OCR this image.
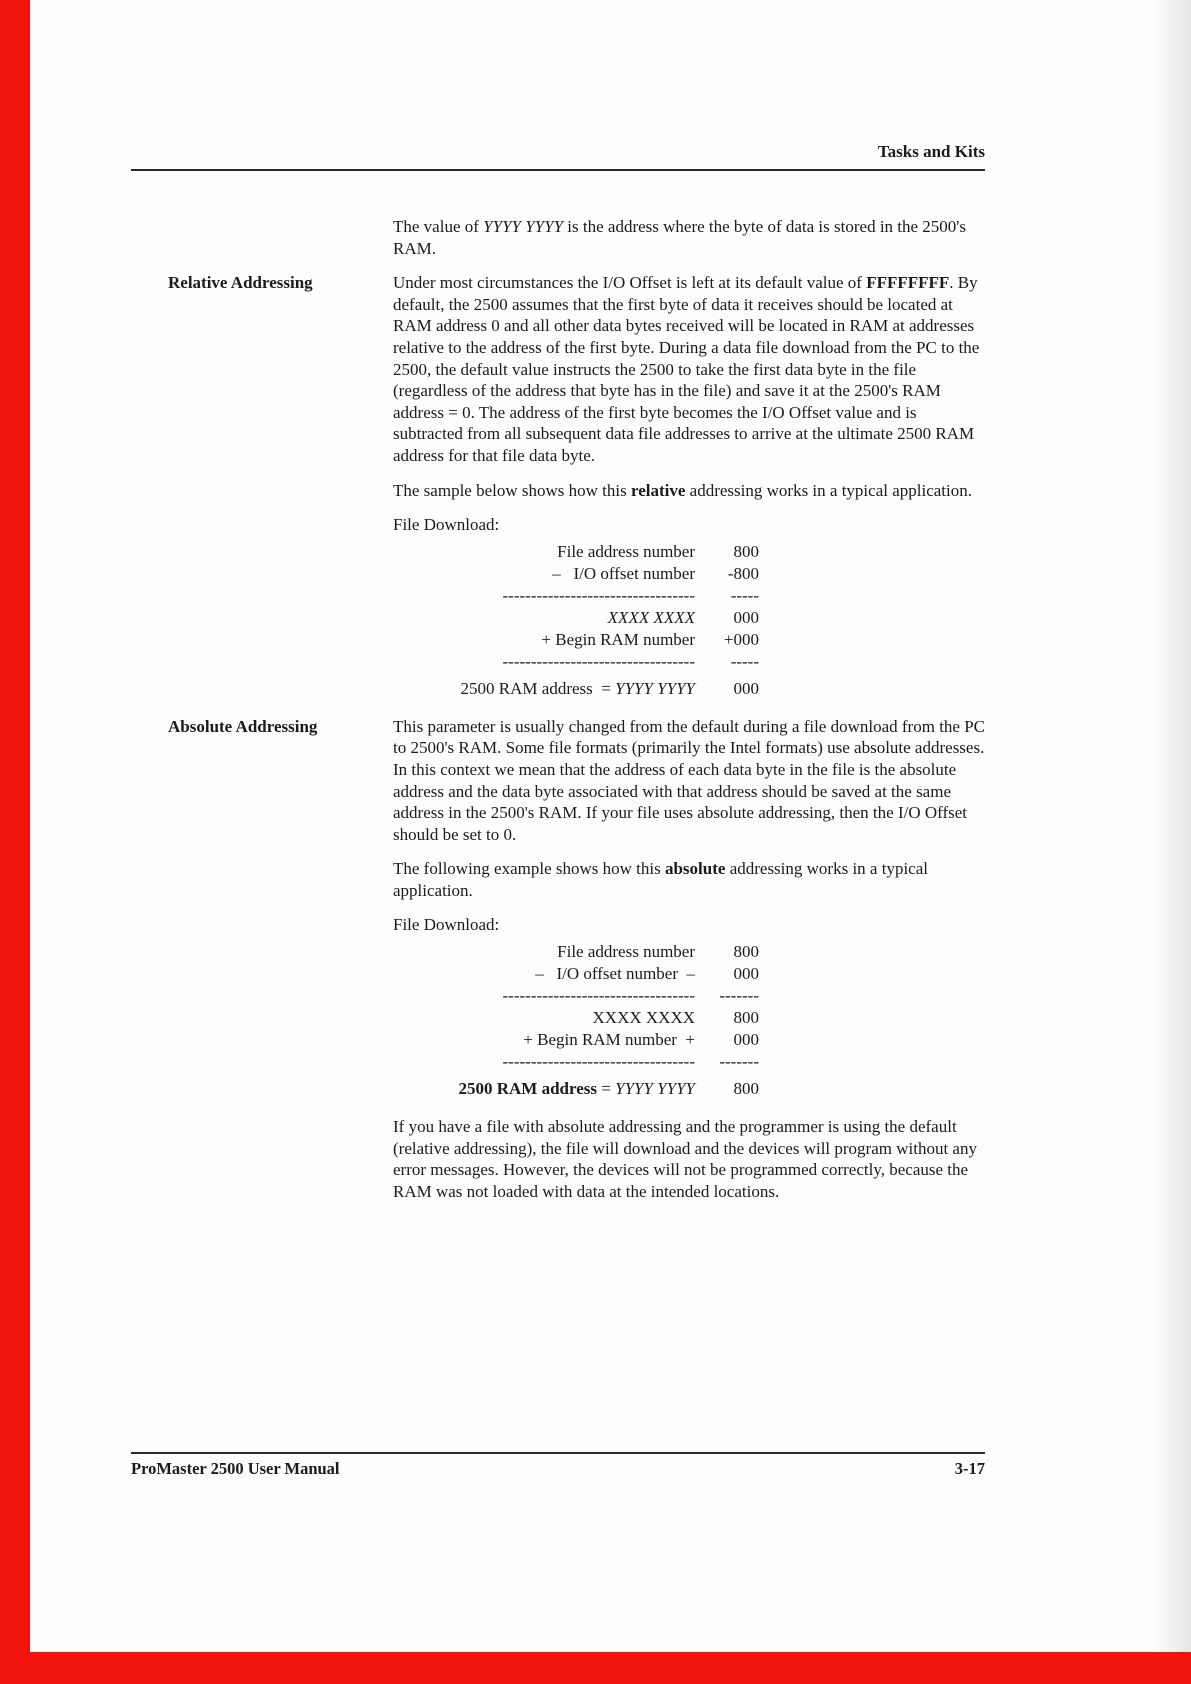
Tasks and Kits

The value of YYYY YYYY is the address where the byte of data is stored in the 2500's RAM.

Relative Addressing	Under most circumstances the I/O Offset is left at its default value of FFFFFFFF. By default, the 2500 assumes that the first byte of data it receives should be located at RAM address 0 and all other data bytes received will be located in RAM at addresses relative to the address of the first byte. During a data file download from the PC to the 2500, the default value instructs the 2500 to take the first data byte in the file (regardless of the address that byte has in the file) and save it at the 2500's RAM address = 0. The address of the first byte becomes the I/O Offset value and is subtracted from all subsequent data file addresses to arrive at the ultimate 2500 RAM address for that file data byte.

The sample below shows how this relative addressing works in a typical application.

File Download:

File address number	800
–   I/O offset number	-800
----------------------------------	-----
XXXX XXXX	000
+ Begin RAM number	+000
----------------------------------	-----
2500 RAM address  = YYYY YYYY	000
Absolute Addressing	This parameter is usually changed from the default during a file download from the PC to 2500's RAM. Some file formats (primarily the Intel formats) use absolute addresses. In this context we mean that the address of each data byte in the file is the absolute address and the data byte associated with that address should be saved at the same address in the 2500's RAM. If your file uses absolute addressing, then the I/O Offset should be set to 0.

The following example shows how this absolute addressing works in a typical application.

File Download:

File address number	800
–   I/O offset number  –	000
----------------------------------	-------
XXXX XXXX	800
+ Begin RAM number  +	000
----------------------------------	-------
2500 RAM address = YYYY YYYY	800

If you have a file with absolute addressing and the programmer is using the default (relative addressing), the file will download and the devices will program without any error messages. However, the devices will not be programmed correctly, because the RAM was not loaded with data at the intended locations.

ProMaster 2500 User Manual	3-17
